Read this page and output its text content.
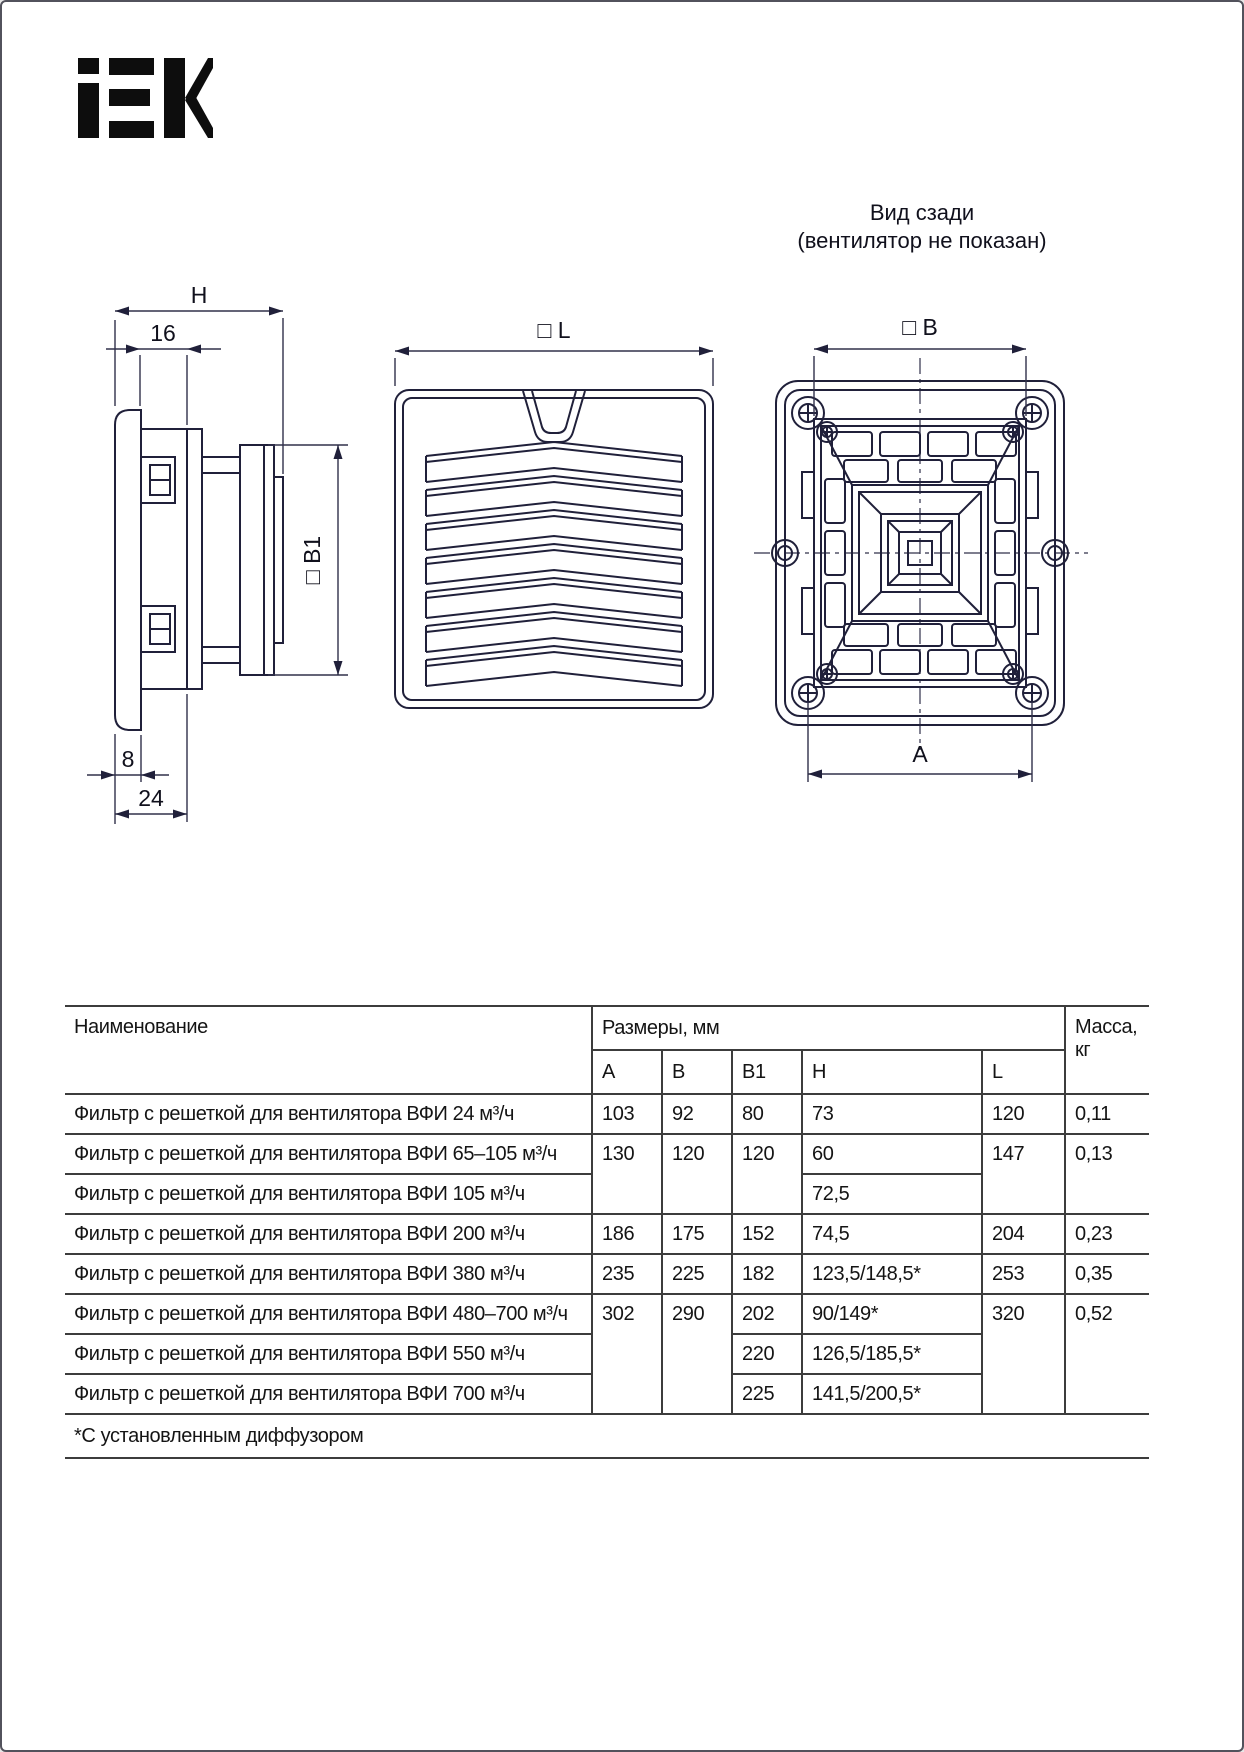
H
16
□ B1
8
24
□ L
Вид сзади
(вентилятор не показан)
□ B
A
Наименование	Размеры, мм					Масса, кг
	A	B	B1	H	L	
Фильтр с решеткой для вентилятора ВФИ 24 м³/ч	103	92	80	73	120	0,11
Фильтр с решеткой для вентилятора ВФИ 65–105 м³/ч	130	120	120	60	147	0,13
Фильтр с решеткой для вентилятора ВФИ 105 м³/ч				72,5		
Фильтр с решеткой для вентилятора ВФИ 200 м³/ч	186	175	152	74,5	204	0,23
Фильтр с решеткой для вентилятора ВФИ 380 м³/ч	235	225	182	123,5/148,5*	253	0,35
Фильтр с решеткой для вентилятора ВФИ 480–700 м³/ч	302	290	202	90/149*	320	0,52
Фильтр с решеткой для вентилятора ВФИ 550 м³/ч			220	126,5/185,5*		
Фильтр с решеткой для вентилятора ВФИ 700 м³/ч			225	141,5/200,5*		
*С установленным диффузором						
